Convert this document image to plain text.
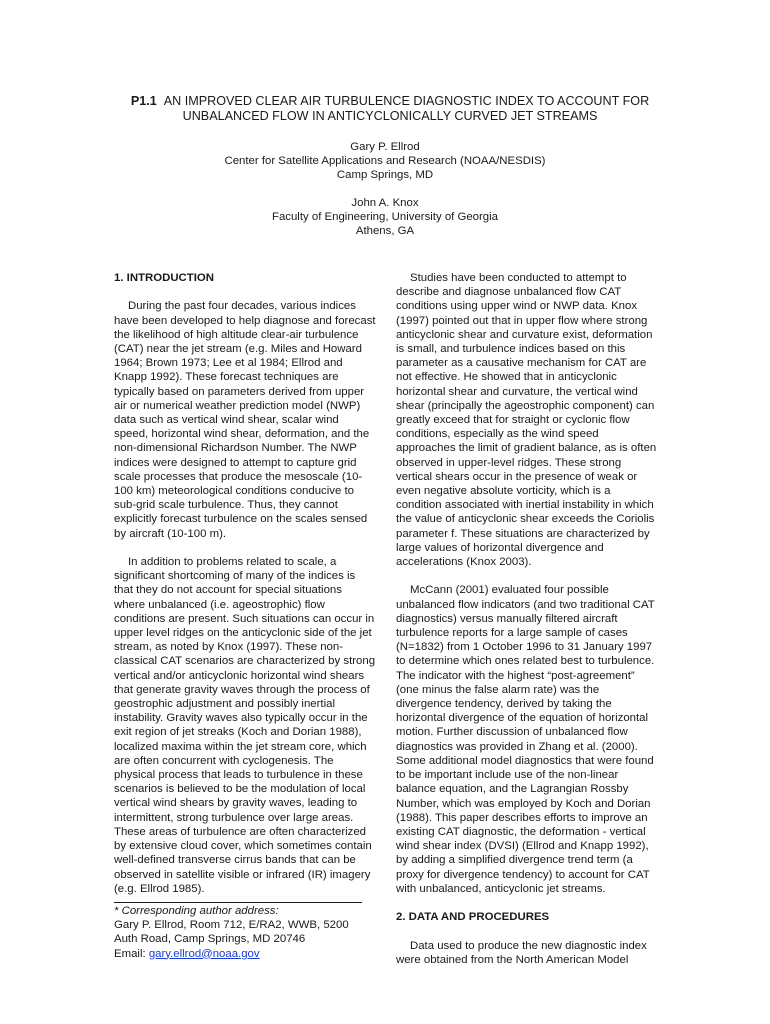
P1.1 AN IMPROVED CLEAR AIR TURBULENCE DIAGNOSTIC INDEX TO ACCOUNT FOR
UNBALANCED FLOW IN ANTICYCLONICALLY CURVED JET STREAMS
Gary P. Ellrod
Center for Satellite Applications and Research (NOAA/NESDIS)
Camp Springs, MD
John A. Knox
Faculty of Engineering, University of Georgia
Athens, GA

1. INTRODUCTION

During the past four decades, various indices have been developed to help diagnose and forecast the likelihood of high altitude clear-air turbulence (CAT) near the jet stream (e.g. Miles and Howard 1964; Brown 1973; Lee et al 1984; Ellrod and Knapp 1992). These forecast techniques are typically based on parameters derived from upper air or numerical weather prediction model (NWP) data such as vertical wind shear, scalar wind speed, horizontal wind shear, deformation, and the non-dimensional Richardson Number. The NWP indices were designed to attempt to capture grid scale processes that produce the mesoscale (10-100 km) meteorological conditions conducive to sub-grid scale turbulence. Thus, they cannot explicitly forecast turbulence on the scales sensed by aircraft (10-100 m).

In addition to problems related to scale, a significant shortcoming of many of the indices is that they do not account for special situations where unbalanced (i.e. ageostrophic) flow conditions are present. Such situations can occur in upper level ridges on the anticyclonic side of the jet stream, as noted by Knox (1997). These non-classical CAT scenarios are characterized by strong vertical and/or anticyclonic horizontal wind shears that generate gravity waves through the process of geostrophic adjustment and possibly inertial instability. Gravity waves also typically occur in the exit region of jet streaks (Koch and Dorian 1988), localized maxima within the jet stream core, which are often concurrent with cyclogenesis. The physical process that leads to turbulence in these scenarios is believed to be the modulation of local vertical wind shears by gravity waves, leading to intermittent, strong turbulence over large areas. These areas of turbulence are often characterized by extensive cloud cover, which sometimes contain well-defined transverse cirrus bands that can be observed in satellite visible or infrared (IR) imagery (e.g. Ellrod 1985).

* Corresponding author address:
Gary P. Ellrod, Room 712, E/RA2, WWB, 5200
Auth Road, Camp Springs, MD 20746
Email: gary.ellrod@noaa.gov

Studies have been conducted to attempt to describe and diagnose unbalanced flow CAT conditions using upper wind or NWP data. Knox (1997) pointed out that in upper flow where strong anticyclonic shear and curvature exist, deformation is small, and turbulence indices based on this parameter as a causative mechanism for CAT are not effective. He showed that in anticyclonic horizontal shear and curvature, the vertical wind shear (principally the ageostrophic component) can greatly exceed that for straight or cyclonic flow conditions, especially as the wind speed approaches the limit of gradient balance, as is often observed in upper-level ridges. These strong vertical shears occur in the presence of weak or even negative absolute vorticity, which is a condition associated with inertial instability in which the value of anticyclonic shear exceeds the Coriolis parameter f. These situations are characterized by large values of horizontal divergence and accelerations (Knox 2003).

McCann (2001) evaluated four possible unbalanced flow indicators (and two traditional CAT diagnostics) versus manually filtered aircraft turbulence reports for a large sample of cases (N=1832) from 1 October 1996 to 31 January 1997 to determine which ones related best to turbulence. The indicator with the highest “post-agreement” (one minus the false alarm rate) was the divergence tendency, derived by taking the horizontal divergence of the equation of horizontal motion. Further discussion of unbalanced flow diagnostics was provided in Zhang et al. (2000). Some additional model diagnostics that were found to be important include use of the non-linear balance equation, and the Lagrangian Rossby Number, which was employed by Koch and Dorian (1988). This paper describes efforts to improve an existing CAT diagnostic, the deformation - vertical wind shear index (DVSI) (Ellrod and Knapp 1992), by adding a simplified divergence trend term (a proxy for divergence tendency) to account for CAT with unbalanced, anticyclonic jet streams.

2. DATA AND PROCEDURES

Data used to produce the new diagnostic index were obtained from the North American Model
